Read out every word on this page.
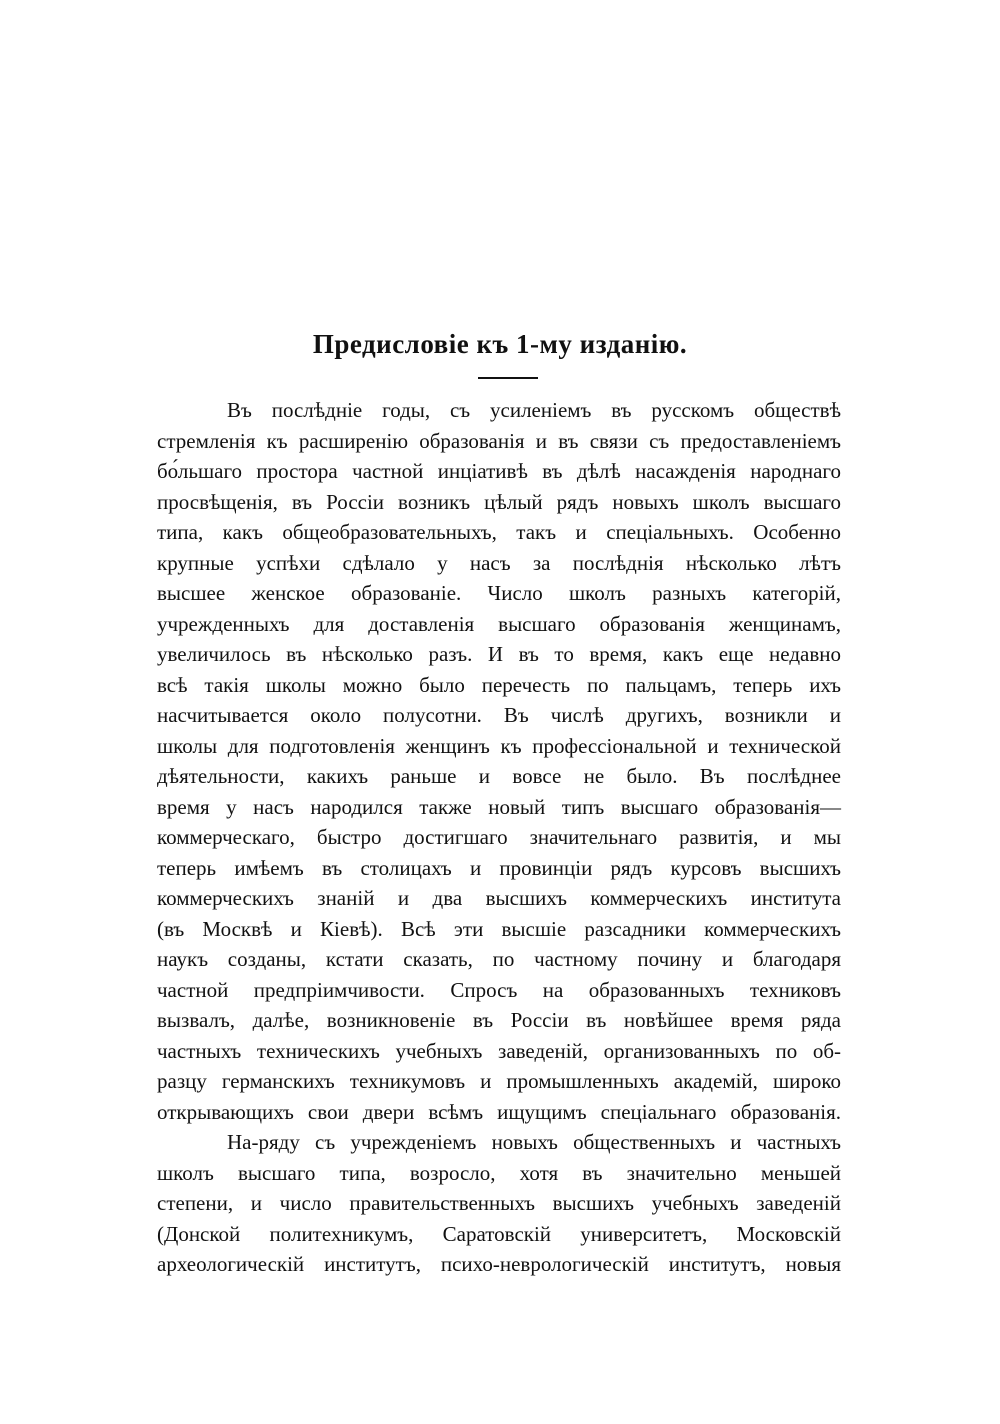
Предисловіе къ 1-му изданію.
Въ послѣдніе годы, съ усиленіемъ въ русскомъ обществѣ
стремленія къ расширенію образованія и въ связи съ предоставленіемъ
бо́льшаго простора частной инціативѣ въ дѣлѣ насажденія народнаго
просвѣщенія, въ Россіи возникъ цѣлый рядъ новыхъ школъ высшаго
типа, какъ общеобразовательныхъ, такъ и спеціальныхъ. Особенно
крупные успѣхи сдѣлало у насъ за послѣднія нѣсколько лѣтъ
высшее женское образованіе. Число школъ разныхъ категорій,
учрежденныхъ для доставленія высшаго образованія женщинамъ,
увеличилось въ нѣсколько разъ. И въ то время, какъ еще недавно
всѣ такія школы можно было перечесть по пальцамъ, теперь ихъ
насчитывается около полусотни. Въ числѣ другихъ, возникли и
школы для подготовленія женщинъ къ профессіональной и технической
дѣятельности, какихъ раньше и вовсе не было. Въ послѣднее
время у насъ народился также новый типъ высшаго образованія—
коммерческаго, быстро достигшаго значительнаго развитія, и мы
теперь имѣемъ въ столицахъ и провинціи рядъ курсовъ высшихъ
коммерческихъ знаній и два высшихъ коммерческихъ института
(въ Москвѣ и Кіевѣ). Всѣ эти высшіе разсадники коммерческихъ
наукъ созданы, кстати сказать, по частному почину и благодаря
частной предпріимчивости. Спросъ на образованныхъ техниковъ
вызвалъ, далѣе, возникновеніе въ Россіи въ новѣйшее время ряда
частныхъ техническихъ учебныхъ заведеній, организованныхъ по об-
разцу германскихъ техникумовъ и промышленныхъ академій, широко
открывающихъ свои двери всѣмъ ищущимъ спеціальнаго образованія.
На-ряду съ учрежденіемъ новыхъ общественныхъ и частныхъ
школъ высшаго типа, возросло, хотя въ значительно меньшей
степени, и число правительственныхъ высшихъ учебныхъ заведеній
(Донской политехникумъ, Саратовскій университетъ, Московскій
археологическій институтъ, психо-неврологическій институтъ, новыя
